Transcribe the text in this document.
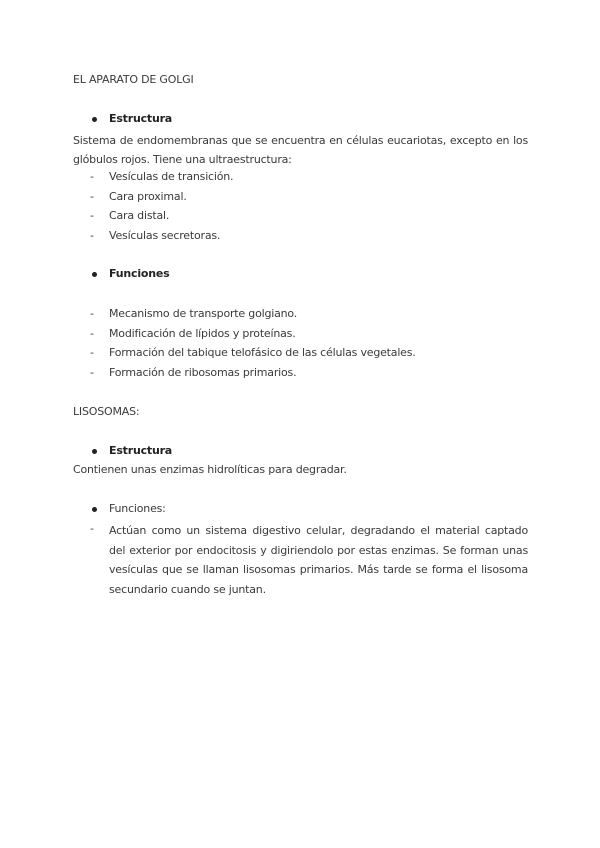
EL APARATO DE GOLGI
Estructura
Sistema de endomembranas que se encuentra en células eucariotas, excepto en los glóbulos rojos. Tiene una ultraestructura:
- Vesículas de transición.
- Cara proximal.
- Cara distal.
- Vesículas secretoras.
Funciones
- Mecanismo de transporte golgiano.
- Modificación de lípidos y proteínas.
- Formación del tabique telofásico de las células vegetales.
- Formación de ribosomas primarios.
LISOSOMAS:
Estructura
Contienen unas enzimas hidrolíticas para degradar.
Funciones:
- Actúan como un sistema digestivo celular, degradando el material captado del exterior por endocitosis y digiriendolo por estas enzimas. Se forman unas vesículas que se llaman lisosomas primarios. Más tarde se forma el lisosoma secundario cuando se juntan.
